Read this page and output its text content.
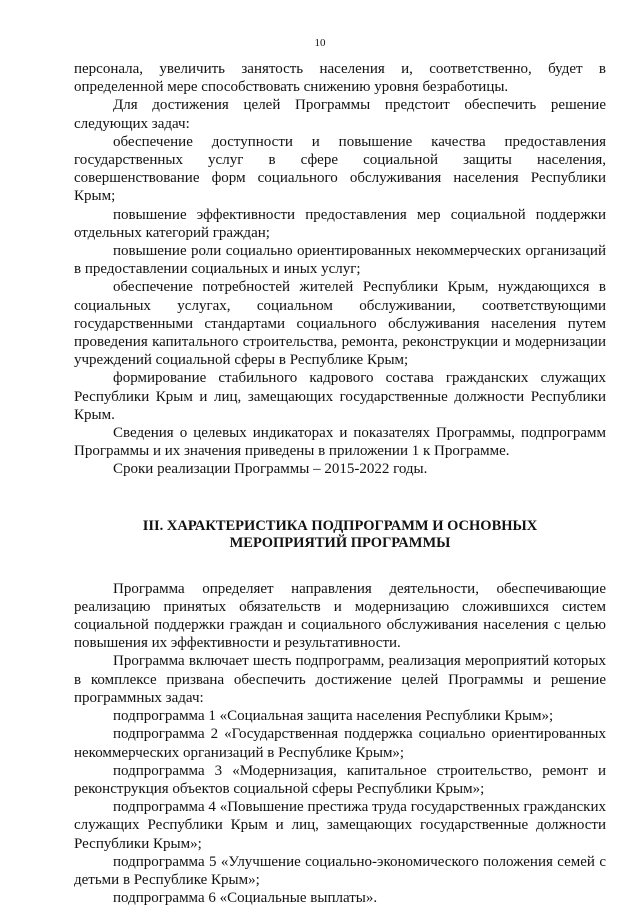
10

персонала, увеличить занятость населения и, соответственно, будет в определенной мере способствовать снижению уровня безработицы.

Для достижения целей Программы предстоит обеспечить решение следующих задач:

обеспечение доступности и повышение качества предоставления государственных услуг в сфере социальной защиты населения, совершенствование форм социального обслуживания населения Республики Крым;

повышение эффективности предоставления мер социальной поддержки отдельных категорий граждан;

повышение роли социально ориентированных некоммерческих организаций в предоставлении социальных и иных услуг;

обеспечение потребностей жителей Республики Крым, нуждающихся в социальных услугах, социальном обслуживании, соответствующими государственными стандартами социального обслуживания населения путем проведения капитального строительства, ремонта, реконструкции и модернизации учреждений социальной сферы в Республике Крым;

формирование стабильного кадрового состава гражданских служащих Республики Крым и лиц, замещающих государственные должности Республики Крым.

Сведения о целевых индикаторах и показателях Программы, подпрограмм Программы и их значения приведены в приложении 1 к Программе.

Сроки реализации Программы – 2015-2022 годы.

III. ХАРАКТЕРИСТИКА ПОДПРОГРАММ И ОСНОВНЫХ МЕРОПРИЯТИЙ ПРОГРАММЫ

Программа определяет направления деятельности, обеспечивающие реализацию принятых обязательств и модернизацию сложившихся систем социальной поддержки граждан и социального обслуживания населения с целью повышения их эффективности и результативности.

Программа включает шесть подпрограмм, реализация мероприятий которых в комплексе призвана обеспечить достижение целей Программы и решение программных задач:

подпрограмма 1 «Социальная защита населения Республики Крым»;

подпрограмма 2 «Государственная поддержка социально ориентированных некоммерческих организаций в Республике Крым»;

подпрограмма 3 «Модернизация, капитальное строительство, ремонт и реконструкция объектов социальной сферы Республики Крым»;

подпрограмма 4 «Повышение престижа труда государственных гражданских служащих Республики Крым и лиц, замещающих государственные должности Республики Крым»;

подпрограмма 5 «Улучшение социально-экономического положения семей с детьми в Республике Крым»;

подпрограмма 6 «Социальные выплаты».
